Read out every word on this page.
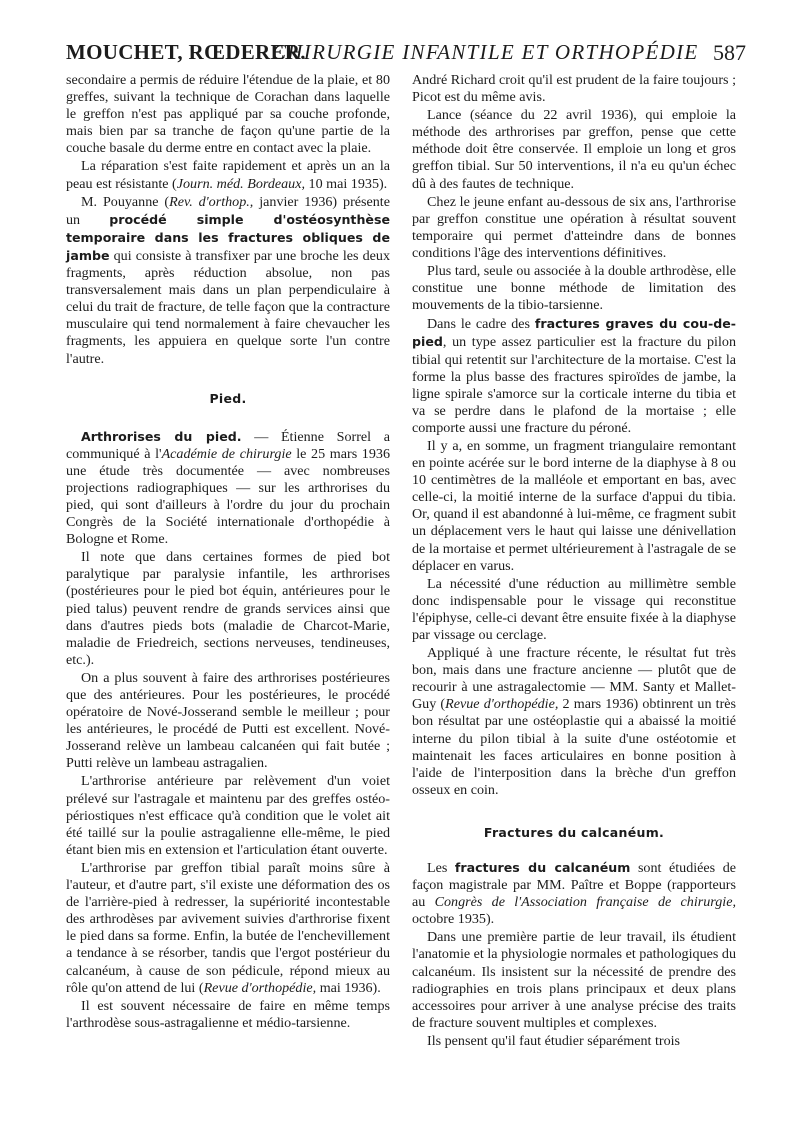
MOUCHET, RŒDERER.
CHIRURGIE INFANTILE ET ORTHOPÉDIE 587

secondaire a permis de réduire l'étendue de la plaie, et 80 greffes, suivant la technique de Corachan dans laquelle le greffon n'est pas appliqué par sa couche profonde, mais bien par sa tranche de façon qu'une partie de la couche basale du derme entre en contact avec la plaie.

La réparation s'est faite rapidement et après un an la peau est résistante (Journ. méd. Bordeaux, 10 mai 1935).

M. Pouyanne (Rev. d'orthop., janvier 1936) présente un procédé simple d'ostéosynthèse temporaire dans les fractures obliques de jambe qui consiste à transfixer par une broche les deux fragments, après réduction absolue, non pas transversalement mais dans un plan perpendiculaire à celui du trait de fracture, de telle façon que la contracture musculaire qui tend normalement à faire chevaucher les fragments, les appuiera en quelque sorte l'un contre l'autre.

Pied.

Arthrorises du pied. — Étienne Sorrel a communiqué à l'Académie de chirurgie le 25 mars 1936 une étude très documentée — avec nombreuses projections radiographiques — sur les arthrorises du pied, qui sont d'ailleurs à l'ordre du jour du prochain Congrès de la Société internationale d'orthopédie à Bologne et Rome.

Il note que dans certaines formes de pied bot paralytique par paralysie infantile, les arthrorises (postérieures pour le pied bot équin, antérieures pour le pied talus) peuvent rendre de grands services ainsi que dans d'autres pieds bots (maladie de Charcot-Marie, maladie de Friedreich, sections nerveuses, tendineuses, etc.).

On a plus souvent à faire des arthrorises postérieures que des antérieures. Pour les postérieures, le procédé opératoire de Nové-Josserand semble le meilleur ; pour les antérieures, le procédé de Putti est excellent. Nové-Josserand relève un lambeau calcanéen qui fait butée ; Putti relève un lambeau astragalien.

L'arthrorise antérieure par relèvement d'un voiet prélevé sur l'astragale et maintenu par des greffes ostéo-périostiques n'est efficace qu'à condition que le volet ait été taillé sur la poulie astragalienne elle-même, le pied étant bien mis en extension et l'articulation étant ouverte.

L'arthrorise par greffon tibial paraît moins sûre à l'auteur, et d'autre part, s'il existe une déformation des os de l'arrière-pied à redresser, la supériorité incontestable des arthrodèses par avivement suivies d'arthrorise fixent le pied dans sa forme. Enfin, la butée de l'enchevillement a tendance à se résorber, tandis que l'ergot postérieur du calcanéum, à cause de son pédicule, répond mieux au rôle qu'on attend de lui (Revue d'orthopédie, mai 1936).

Il est souvent nécessaire de faire en même temps l'arthrodèse sous-astragalienne et médio-tarsienne.

André Richard croit qu'il est prudent de la faire toujours ; Picot est du même avis.

Lance (séance du 22 avril 1936), qui emploie la méthode des arthrorises par greffon, pense que cette méthode doit être conservée. Il emploie un long et gros greffon tibial. Sur 50 interventions, il n'a eu qu'un échec dû à des fautes de technique.

Chez le jeune enfant au-dessous de six ans, l'arthrorise par greffon constitue une opération à résultat souvent temporaire qui permet d'atteindre dans de bonnes conditions l'âge des interventions définitives.

Plus tard, seule ou associée à la double arthrodèse, elle constitue une bonne méthode de limitation des mouvements de la tibio-tarsienne.

Dans le cadre des fractures graves du cou-de-pied, un type assez particulier est la fracture du pilon tibial qui retentit sur l'architecture de la mortaise. C'est la forme la plus basse des fractures spiroïdes de jambe, la ligne spirale s'amorce sur la corticale interne du tibia et va se perdre dans le plafond de la mortaise ; elle comporte aussi une fracture du péroné.

Il y a, en somme, un fragment triangulaire remontant en pointe acérée sur le bord interne de la diaphyse à 8 ou 10 centimètres de la malléole et emportant en bas, avec celle-ci, la moitié interne de la surface d'appui du tibia. Or, quand il est abandonné à lui-même, ce fragment subit un déplacement vers le haut qui laisse une dénivellation de la mortaise et permet ultérieurement à l'astragale de se déplacer en varus.

La nécessité d'une réduction au millimètre semble donc indispensable pour le vissage qui reconstitue l'épiphyse, celle-ci devant être ensuite fixée à la diaphyse par vissage ou cerclage.

Appliqué à une fracture récente, le résultat fut très bon, mais dans une fracture ancienne — plutôt que de recourir à une astragalectomie — MM. Santy et Mallet-Guy (Revue d'orthopédie, 2 mars 1936) obtinrent un très bon résultat par une ostéoplastie qui a abaissé la moitié interne du pilon tibial à la suite d'une ostéotomie et maintenait les faces articulaires en bonne position à l'aide de l'interposition dans la brèche d'un greffon osseux en coin.

Fractures du calcanéum.

Les fractures du calcanéum sont étudiées de façon magistrale par MM. Paître et Boppe (rapporteurs au Congrès de l'Association française de chirurgie, octobre 1935).

Dans une première partie de leur travail, ils étudient l'anatomie et la physiologie normales et pathologiques du calcanéum. Ils insistent sur la nécessité de prendre des radiographies en trois plans principaux et deux plans accessoires pour arriver à une analyse précise des traits de fracture souvent multiples et complexes.

Ils pensent qu'il faut étudier séparément trois
